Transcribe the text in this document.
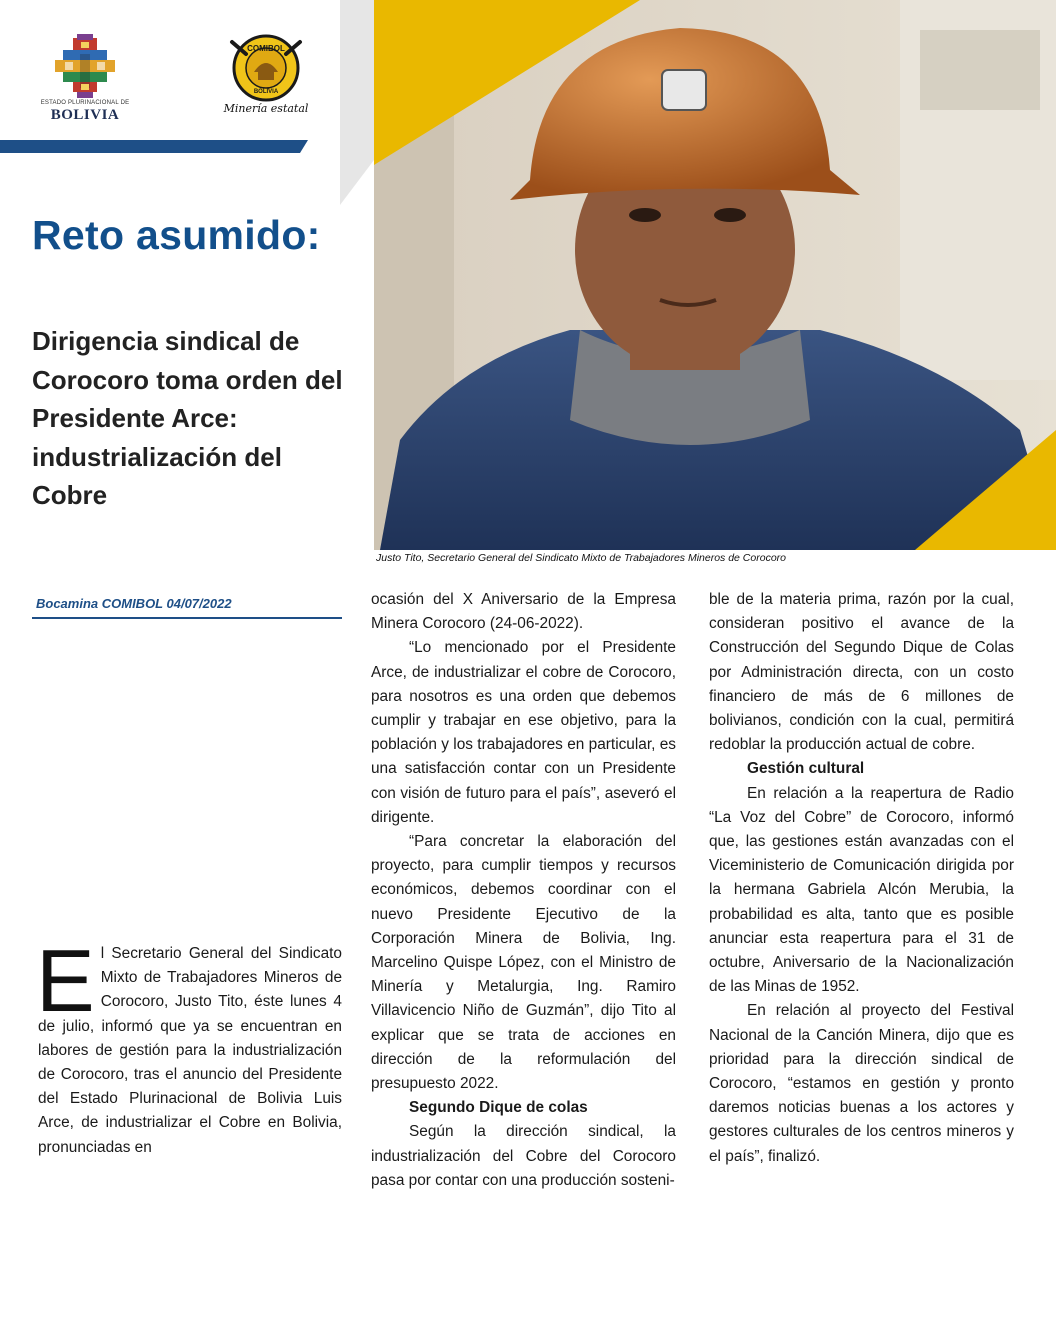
ESTADO PLURINACIONAL DE
BOLIVIA
COMIBOL
BOLIVIA
Minería estatal
Reto asumido:
Dirigencia sindical de Corocoro toma orden del Presidente Arce: industrialización del Cobre
Justo Tito, Secretario General del Sindicato Mixto de Trabajadores Mineros de Corocoro
Bocamina COMIBOL 04/07/2022

El Secretario General del Sindicato Mixto de Trabajadores Mineros de Corocoro, Justo Tito, éste lunes 4 de julio, informó que ya se encuentran en labores de gestión para la industrialización de Corocoro, tras el anuncio del Presidente del Estado Plurinacional de Bolivia Luis Arce, de industrializar el Cobre en Bolivia, pronunciadas en

ocasión del X Aniversario de la Empresa Minera Corocoro (24-06-2022).

“Lo mencionado por el Presidente Arce, de industrializar el cobre de Corocoro, para nosotros es una orden que debemos cumplir y trabajar en ese objetivo, para la población y los trabajadores en particular, es una satisfacción contar con un Presidente con visión de futuro para el país”, aseveró el dirigente.

“Para concretar la elaboración del proyecto, para cumplir tiempos y recursos económicos, debemos coordinar con el nuevo Presidente Ejecutivo de la Corporación Minera de Bolivia, Ing. Marcelino Quispe López, con el Ministro de Minería y Metalurgia, Ing. Ramiro Villavicencio Niño de Guzmán”, dijo Tito al explicar que se trata de acciones en dirección de la reformulación del presupuesto 2022.

Segundo Dique de colas

Según la dirección sindical, la industrialización del Cobre del Corocoro pasa por contar con una producción sosteni-

ble de la materia prima, razón por la cual, consideran positivo el avance de la Construcción del Segundo Dique de Colas por Administración directa, con un costo financiero de más de 6 millones de bolivianos, condición con la cual, permitirá redoblar la producción actual de cobre.

Gestión cultural

En relación a la reapertura de Radio “La Voz del Cobre” de Corocoro, informó que, las gestiones están avanzadas con el Viceministerio de Comunicación dirigida por la hermana Gabriela Alcón Merubia, la probabilidad es alta, tanto que es posible anunciar esta reapertura para el 31 de octubre, Aniversario de la Nacionalización de las Minas de 1952.

En relación al proyecto del Festival Nacional de la Canción Minera, dijo que es prioridad para la dirección sindical de Corocoro, “estamos en gestión y pronto daremos noticias buenas a los actores y gestores culturales de los centros mineros y el país”, finalizó.
